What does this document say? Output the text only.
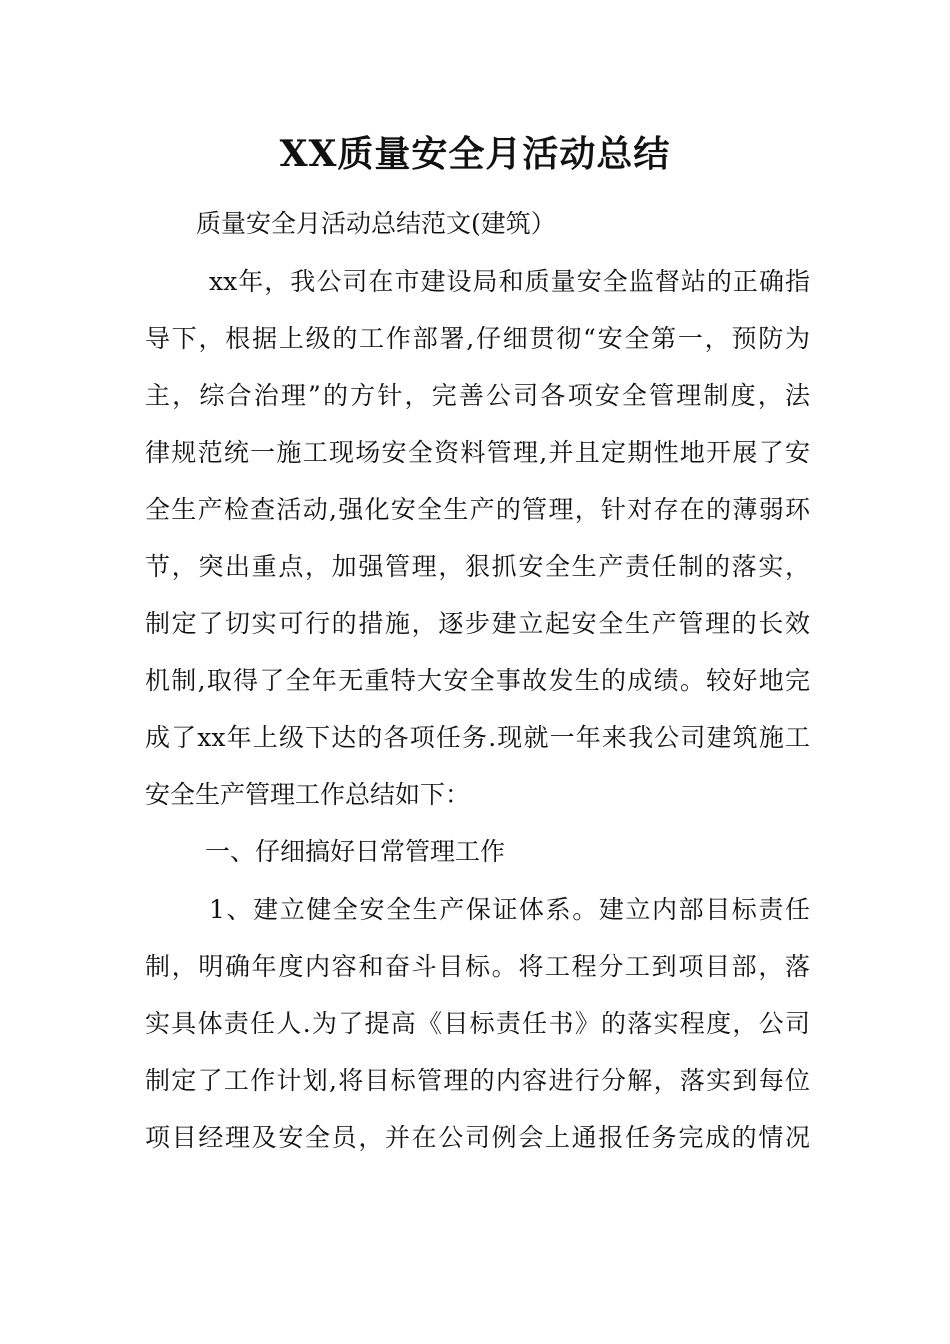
XX质量安全月活动总结

质量安全月活动总结范文(建筑）

xx年，我公司在市建设局和质量安全监督站的正确指

导下，根据上级的工作部署,仔细贯彻“安全第一，预防为

主，综合治理”的方针，完善公司各项安全管理制度，法

律规范统一施工现场安全资料管理,并且定期性地开展了安

全生产检查活动,强化安全生产的管理，针对存在的薄弱环

节，突出重点，加强管理，狠抓安全生产责任制的落实，

制定了切实可行的措施，逐步建立起安全生产管理的长效

机制,取得了全年无重特大安全事故发生的成绩。较好地完

成了xx年上级下达的各项任务.现就一年来我公司建筑施工

安全生产管理工作总结如下：

一、仔细搞好日常管理工作

1、建立健全安全生产保证体系。建立内部目标责任

制，明确年度内容和奋斗目标。将工程分工到项目部，落

实具体责任人.为了提高《目标责任书》的落实程度，公司

制定了工作计划,将目标管理的内容进行分解，落实到每位

项目经理及安全员，并在公司例会上通报任务完成的情况
